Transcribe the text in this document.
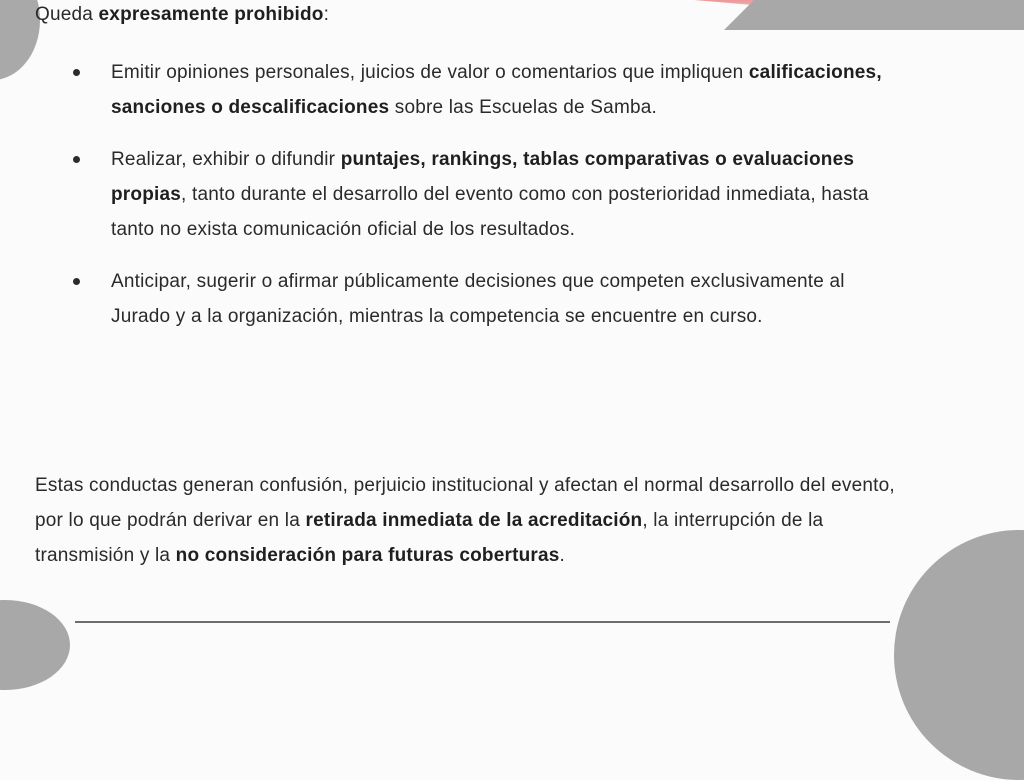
Queda expresamente prohibido:
Emitir opiniones personales, juicios de valor o comentarios que impliquen calificaciones, sanciones o descalificaciones sobre las Escuelas de Samba.
Realizar, exhibir o difundir puntajes, rankings, tablas comparativas o evaluaciones propias, tanto durante el desarrollo del evento como con posterioridad inmediata, hasta tanto no exista comunicación oficial de los resultados.
Anticipar, sugerir o afirmar públicamente decisiones que competen exclusivamente al Jurado y a la organización, mientras la competencia se encuentre en curso.

Estas conductas generan confusión, perjuicio institucional y afectan el normal desarrollo del evento, por lo que podrán derivar en la retirada inmediata de la acreditación, la interrupción de la transmisión y la no consideración para futuras coberturas.
